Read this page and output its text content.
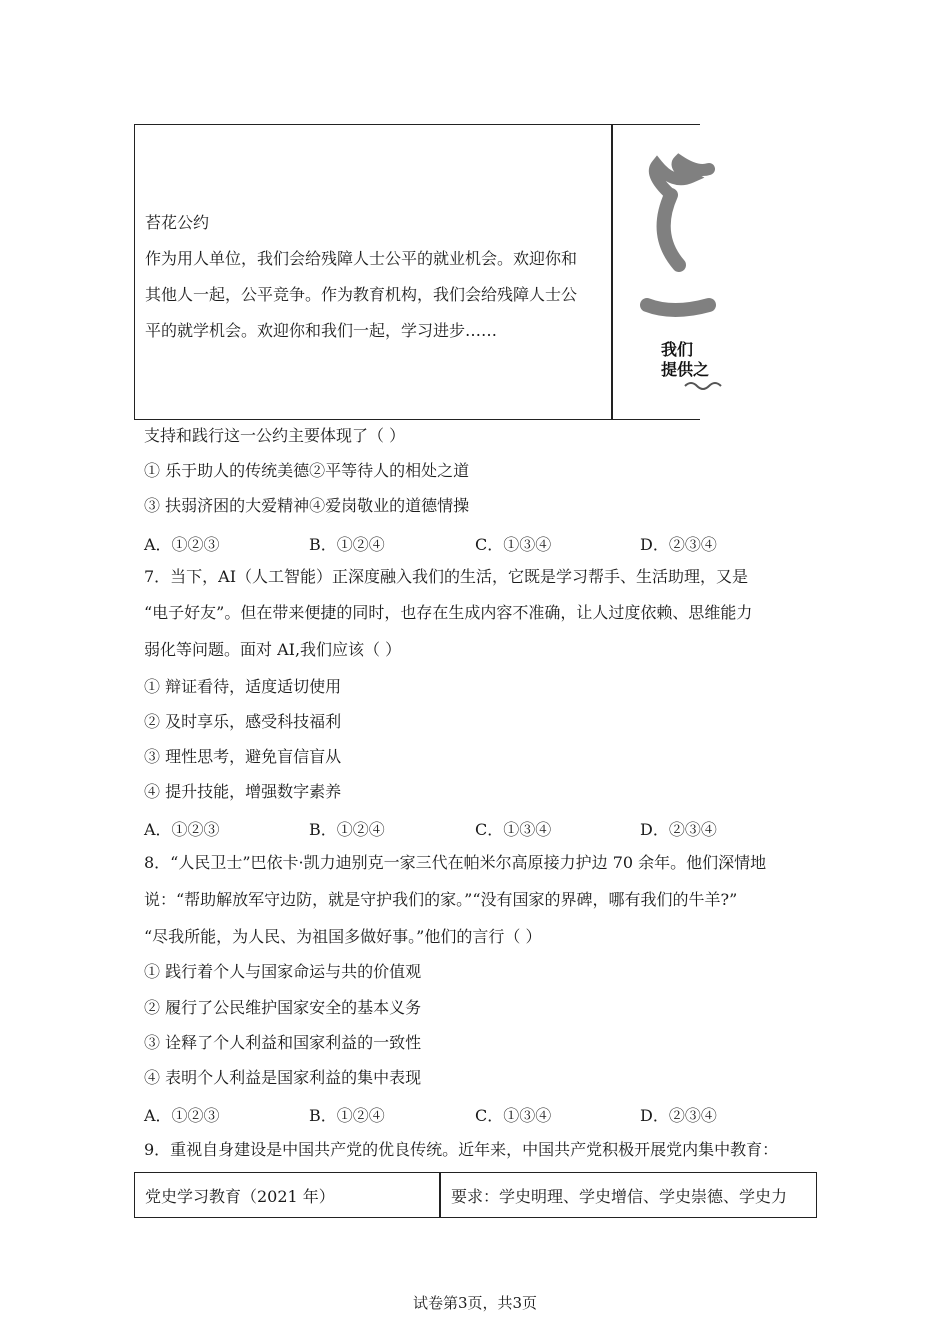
苔花公约
作为用人单位，我们会给残障人士公平的就业机会。欢迎你和
其他人一起，公平竞争。作为教育机构，我们会给残障人士公
平的就学机会。欢迎你和我们一起，学习进步……
我们
提供之
支持和践行这一公约主要体现了（ ）
① 乐于助人的传统美德②平等待人的相处之道
③ 扶弱济困的大爱精神④爱岗敬业的道德情操
A．①②③	B．①②④	C．①③④	D．②③④
7．当下，AI（人工智能）正深度融入我们的生活，它既是学习帮手、生活助理，又是
“电子好友”。但在带来便捷的同时，也存在生成内容不准确，让人过度依赖、思维能力
弱化等问题。面对 AI,我们应该（ ）
① 辩证看待，适度适切使用
② 及时享乐，感受科技福利
③ 理性思考，避免盲信盲从
④ 提升技能，增强数字素养
A．①②③	B．①②④	C．①③④	D．②③④
8．“人民卫士”巴依卡·凯力迪别克一家三代在帕米尔高原接力护边 70 余年。他们深情地
说：“帮助解放军守边防，就是守护我们的家。”“没有国家的界碑，哪有我们的牛羊?”
“尽我所能，为人民、为祖国多做好事。”他们的言行（ ）
① 践行着个人与国家命运与共的价值观
② 履行了公民维护国家安全的基本义务
③ 诠释了个人利益和国家利益的一致性
④ 表明个人利益是国家利益的集中表现
A．①②③	B．①②④	C．①③④	D．②③④
9．重视自身建设是中国共产党的优良传统。近年来，中国共产党积极开展党内集中教育：
党史学习教育（2021 年）	要求：学史明理、学史增信、学史崇德、学史力
试卷第3页，共3页
